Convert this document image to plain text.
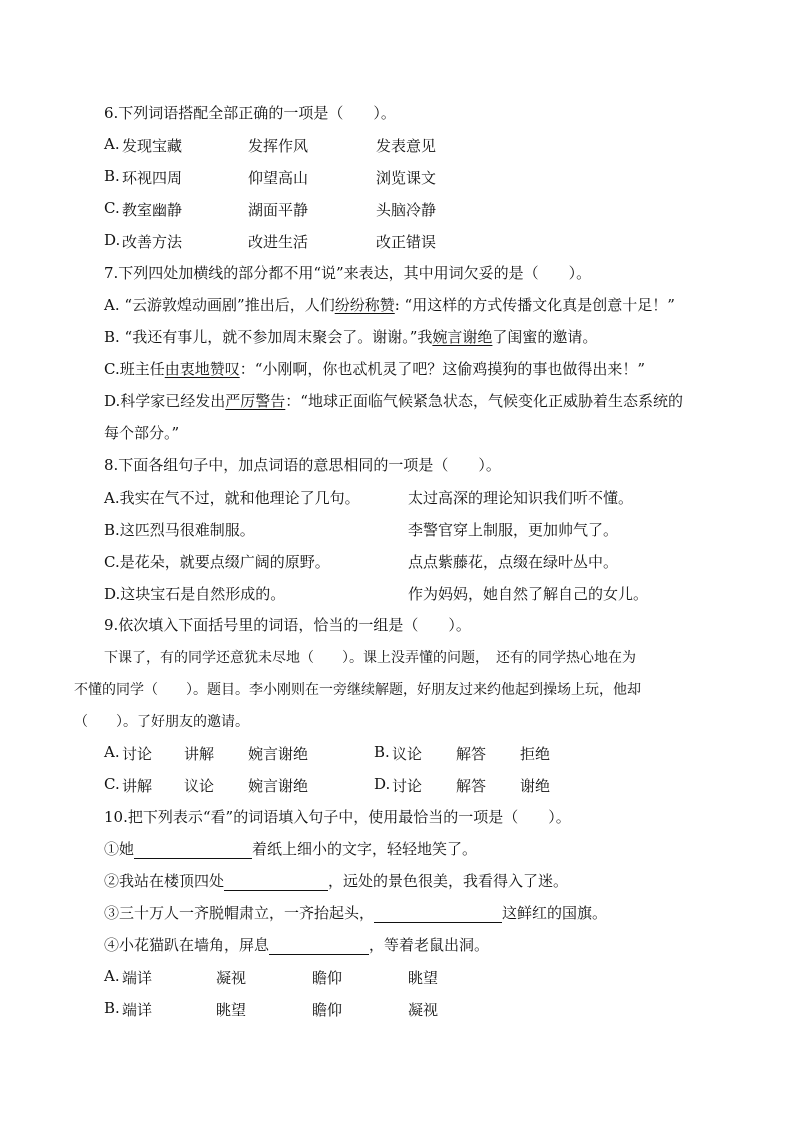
6.下列词语搭配全部正确的一项是（　　）。
A. 发现宝藏	发挥作风	发表意见
B. 环视四周	仰望高山	浏览课文
C. 教室幽静	湖面平静	头脑冷静
D. 改善方法	改进生活	改正错误
7.下列四处加横线的部分都不用“说”来表达，其中用词欠妥的是（　　）。
A. “云游敦煌动画剧”推出后，人们纷纷称赞: “用这样的方式传播文化真是创意十足！”
B. “我还有事儿，就不参加周末聚会了。谢谢。”我婉言谢绝了闺蜜的邀请。
C.班主任由衷地赞叹：“小刚啊，你也忒机灵了吧？这偷鸡摸狗的事也做得出来！”
D.科学家已经发出严厉警告：“地球正面临气候紧急状态，气候变化正威胁着生态系统的
每个部分。”
8.下面各组句子中，加点词语的意思相同的一项是（　　）。
A.我实在气不过，就和他理论了几句。	太过高深的理论知识我们听不懂。
B.这匹烈马很难制服。	李警官穿上制服，更加帅气了。
C.是花朵，就要点缀广阔的原野。	点点紫藤花，点缀在绿叶丛中。
D.这块宝石是自然形成的。	作为妈妈，她自然了解自己的女儿。
9.依次填入下面括号里的词语，恰当的一组是（　　）。
下课了，有的同学还意犹未尽地（　　）。课上没弄懂的问题，　还有的同学热心地在为
不懂的同学（　　）。题目。李小刚则在一旁继续解题，好朋友过来约他起到操场上玩，他却
（　　）。了好朋友的邀请。
A. 讨论 讲解 婉言谢绝	B. 议论 解答 拒绝
C. 讲解 议论 婉言谢绝	D. 讨论 解答 谢绝
10.把下列表示“看”的词语填入句子中，使用最恰当的一项是（　　）。
①她	着纸上细小的文字，轻轻地笑了。
②我站在楼顶四处	，远处的景色很美，我看得入了迷。
③三十万人一齐脱帽肃立，一齐抬起头，	这鲜红的国旗。
④小花猫趴在墙角，屏息	，等着老鼠出洞。
A. 端详	凝视	瞻仰	眺望
B. 端详	眺望	瞻仰	凝视
